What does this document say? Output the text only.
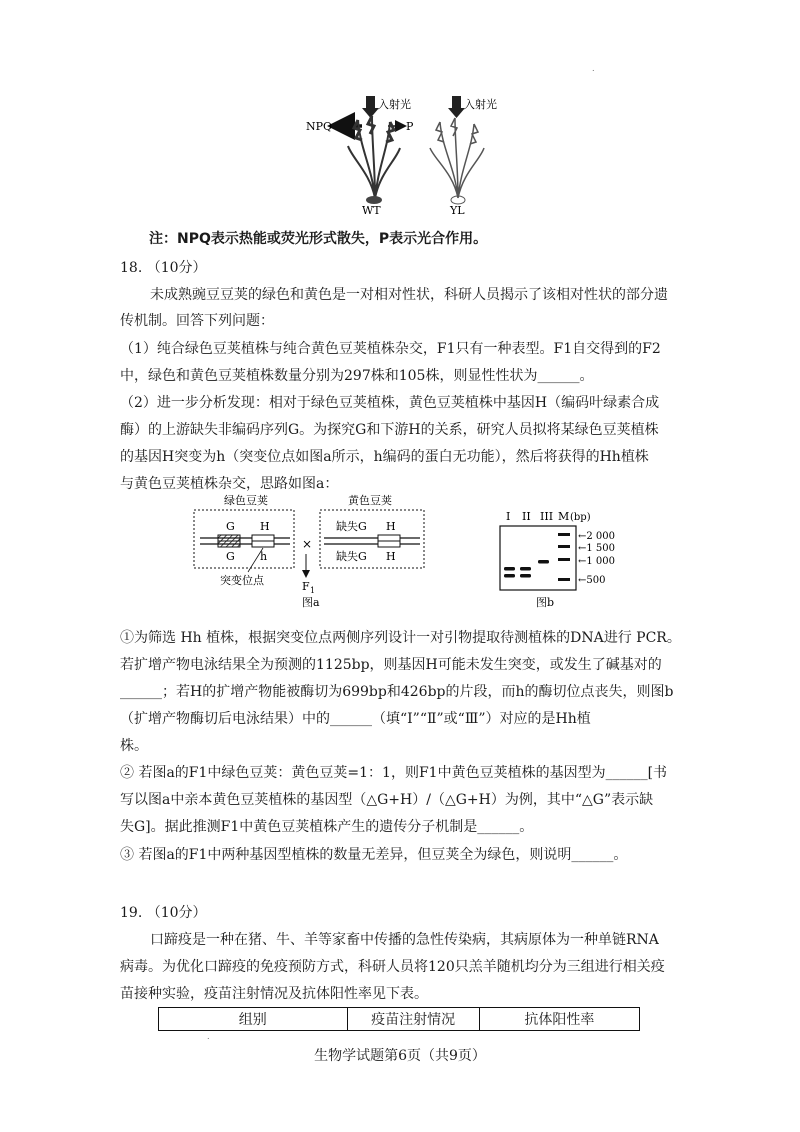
.
.
入射光
NPQ	P
WT
入射光
YL
注：NPQ表示热能或荧光形式散失，P表示光合作用。
18. （10分）
未成熟豌豆豆荚的绿色和黄色是一对相对性状，科研人员揭示了该相对性状的部分遗
传机制。回答下列问题：
（1）纯合绿色豆荚植株与纯合黄色豆荚植株杂交，F1只有一种表型。F1自交得到的F2
中，绿色和黄色豆荚植株数量分别为297株和105株，则显性性状为______。
（2）进一步分析发现：相对于绿色豆荚植株，黄色豆荚植株中基因H（编码叶绿素合成
酶）的上游缺失非编码序列G。为探究G和下游H的关系，研究人员拟将某绿色豆荚植株
的基因H突变为h（突变位点如图a所示，h编码的蛋白无功能），然后将获得的Hh植株
与黄色豆荚植株杂交，思路如图a：
绿色豆荚	黄色豆荚
G H
G h
突变位点
×
F 1
缺失G H
缺失G H
图a
I II III M (bp)
←2 000
←1 500
←1 000
←500
图b
①为筛选 Hh 植株，根据突变位点两侧序列设计一对引物提取待测植株的DNA进行 PCR。
若扩增产物电泳结果全为预测的1125bp，则基因H可能未发生突变，或发生了碱基对的
______；若H的扩增产物能被酶切为699bp和426bp的片段，而h的酶切位点丧失，则图b
（扩增产物酶切后电泳结果）中的______（填“Ⅰ”“Ⅱ”或“Ⅲ”）对应的是Hh植
株。
② 若图a的F1中绿色豆荚：黄色豆荚=1：1，则F1中黄色豆荚植株的基因型为______[书
写以图a中亲本黄色豆荚植株的基因型（△G+H）/（△G+H）为例，其中“△G”表示缺
失G]。据此推测F1中黄色豆荚植株产生的遗传分子机制是______。
③ 若图a的F1中两种基因型植株的数量无差异，但豆荚全为绿色，则说明______。
19. （10分）
口蹄疫是一种在猪、牛、羊等家畜中传播的急性传染病，其病原体为一种单链RNA
病毒。为优化口蹄疫的免疫预防方式，科研人员将120只羔羊随机均分为三组进行相关疫
苗接种实验，疫苗注射情况及抗体阳性率见下表。
组别	疫苗注射情况	抗体阳性率
生物学试题第6页（共9页）
